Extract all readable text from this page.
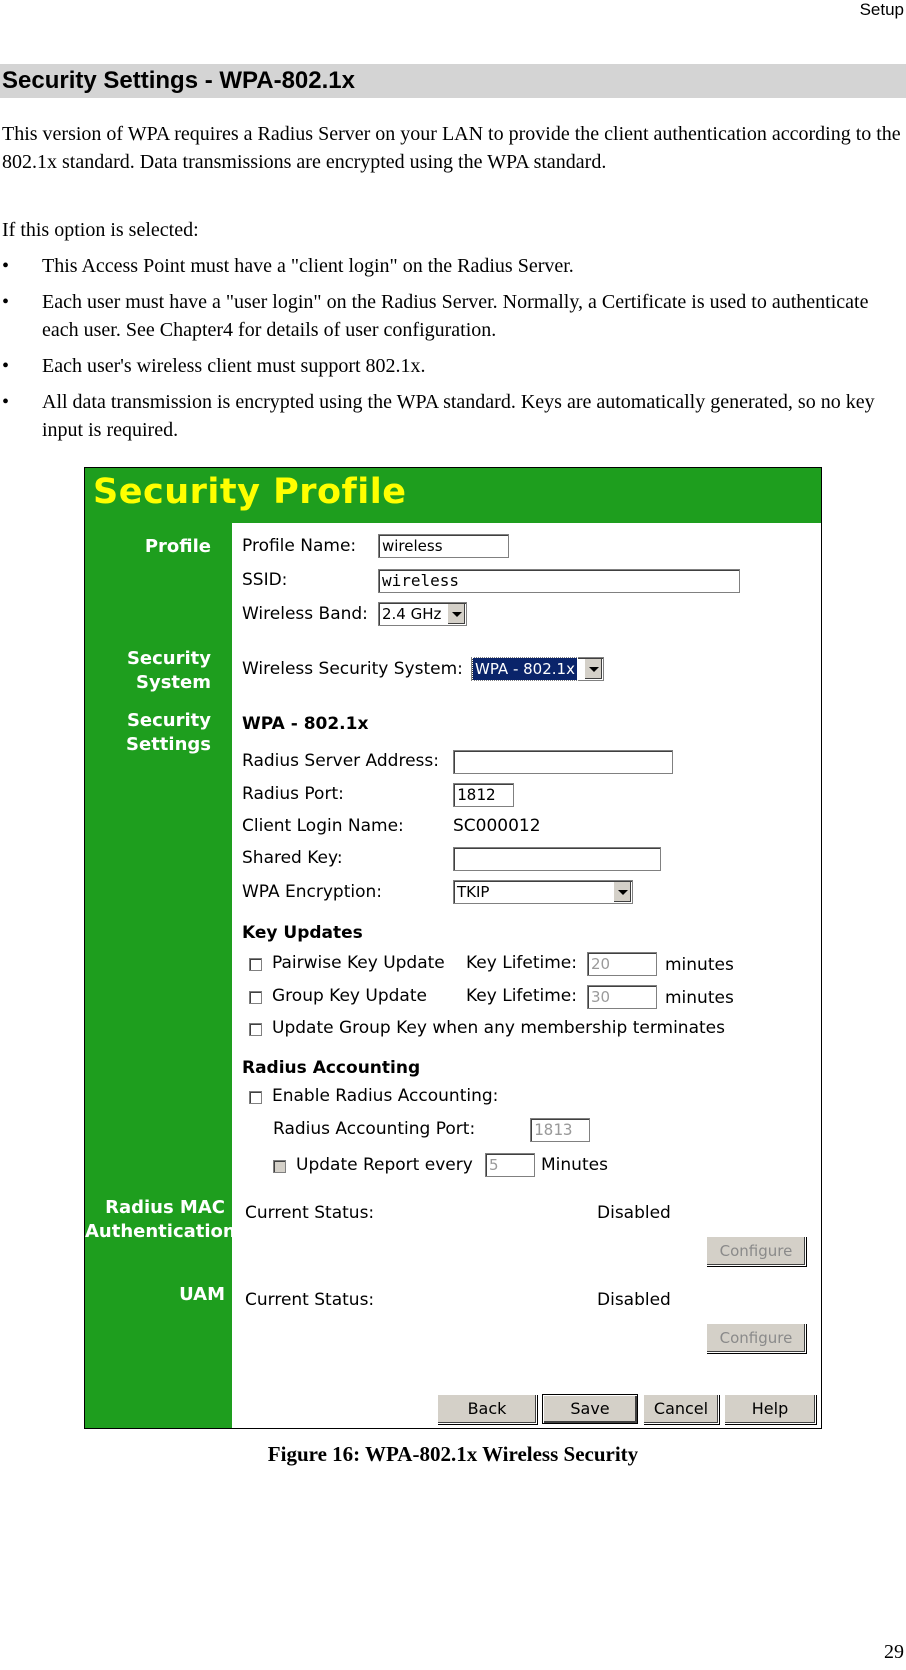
Setup
Security Settings - WPA-802.1x
This version of WPA requires a Radius Server on your LAN to provide the client authentication according to the 802.1x standard. Data transmissions are encrypted using the WPA standard.
If this option is selected:
• This Access Point must have a "client login" on the Radius Server.
• Each user must have a "user login" on the Radius Server. Normally, a Certificate is used to authenticate each user. See Chapter4 for details of user configuration.
• Each user's wireless client must support 802.1x.
• All data transmission is encrypted using the WPA standard. Keys are automatically generated, so no key input is required.
Security Profile
Profile
Security
System
Security
Settings
Radius MAC
Authentication
UAM
Profile Name: wireless
SSID:	wireless
Wireless Band: 2.4 GHz
Wireless Security System: WPA - 802.1x
WPA - 802.1x
Radius Server Address:
Radius Port:	1812
Client Login Name:	SC000012
Shared Key:
WPA Encryption:	TKIP
Key Updates
Pairwise Key Update Key Lifetime: 20	minutes
Group Key Update Key Lifetime: 30	minutes
Update Group Key when any membership terminates
Radius Accounting
Enable Radius Accounting:
Radius Accounting Port:	1813
Update Report every 5	Minutes
Current Status:	Disabled
Configure
Current Status:	Disabled
Configure
Back	Save	Cancel	Help
Figure 16: WPA-802.1x Wireless Security
29
